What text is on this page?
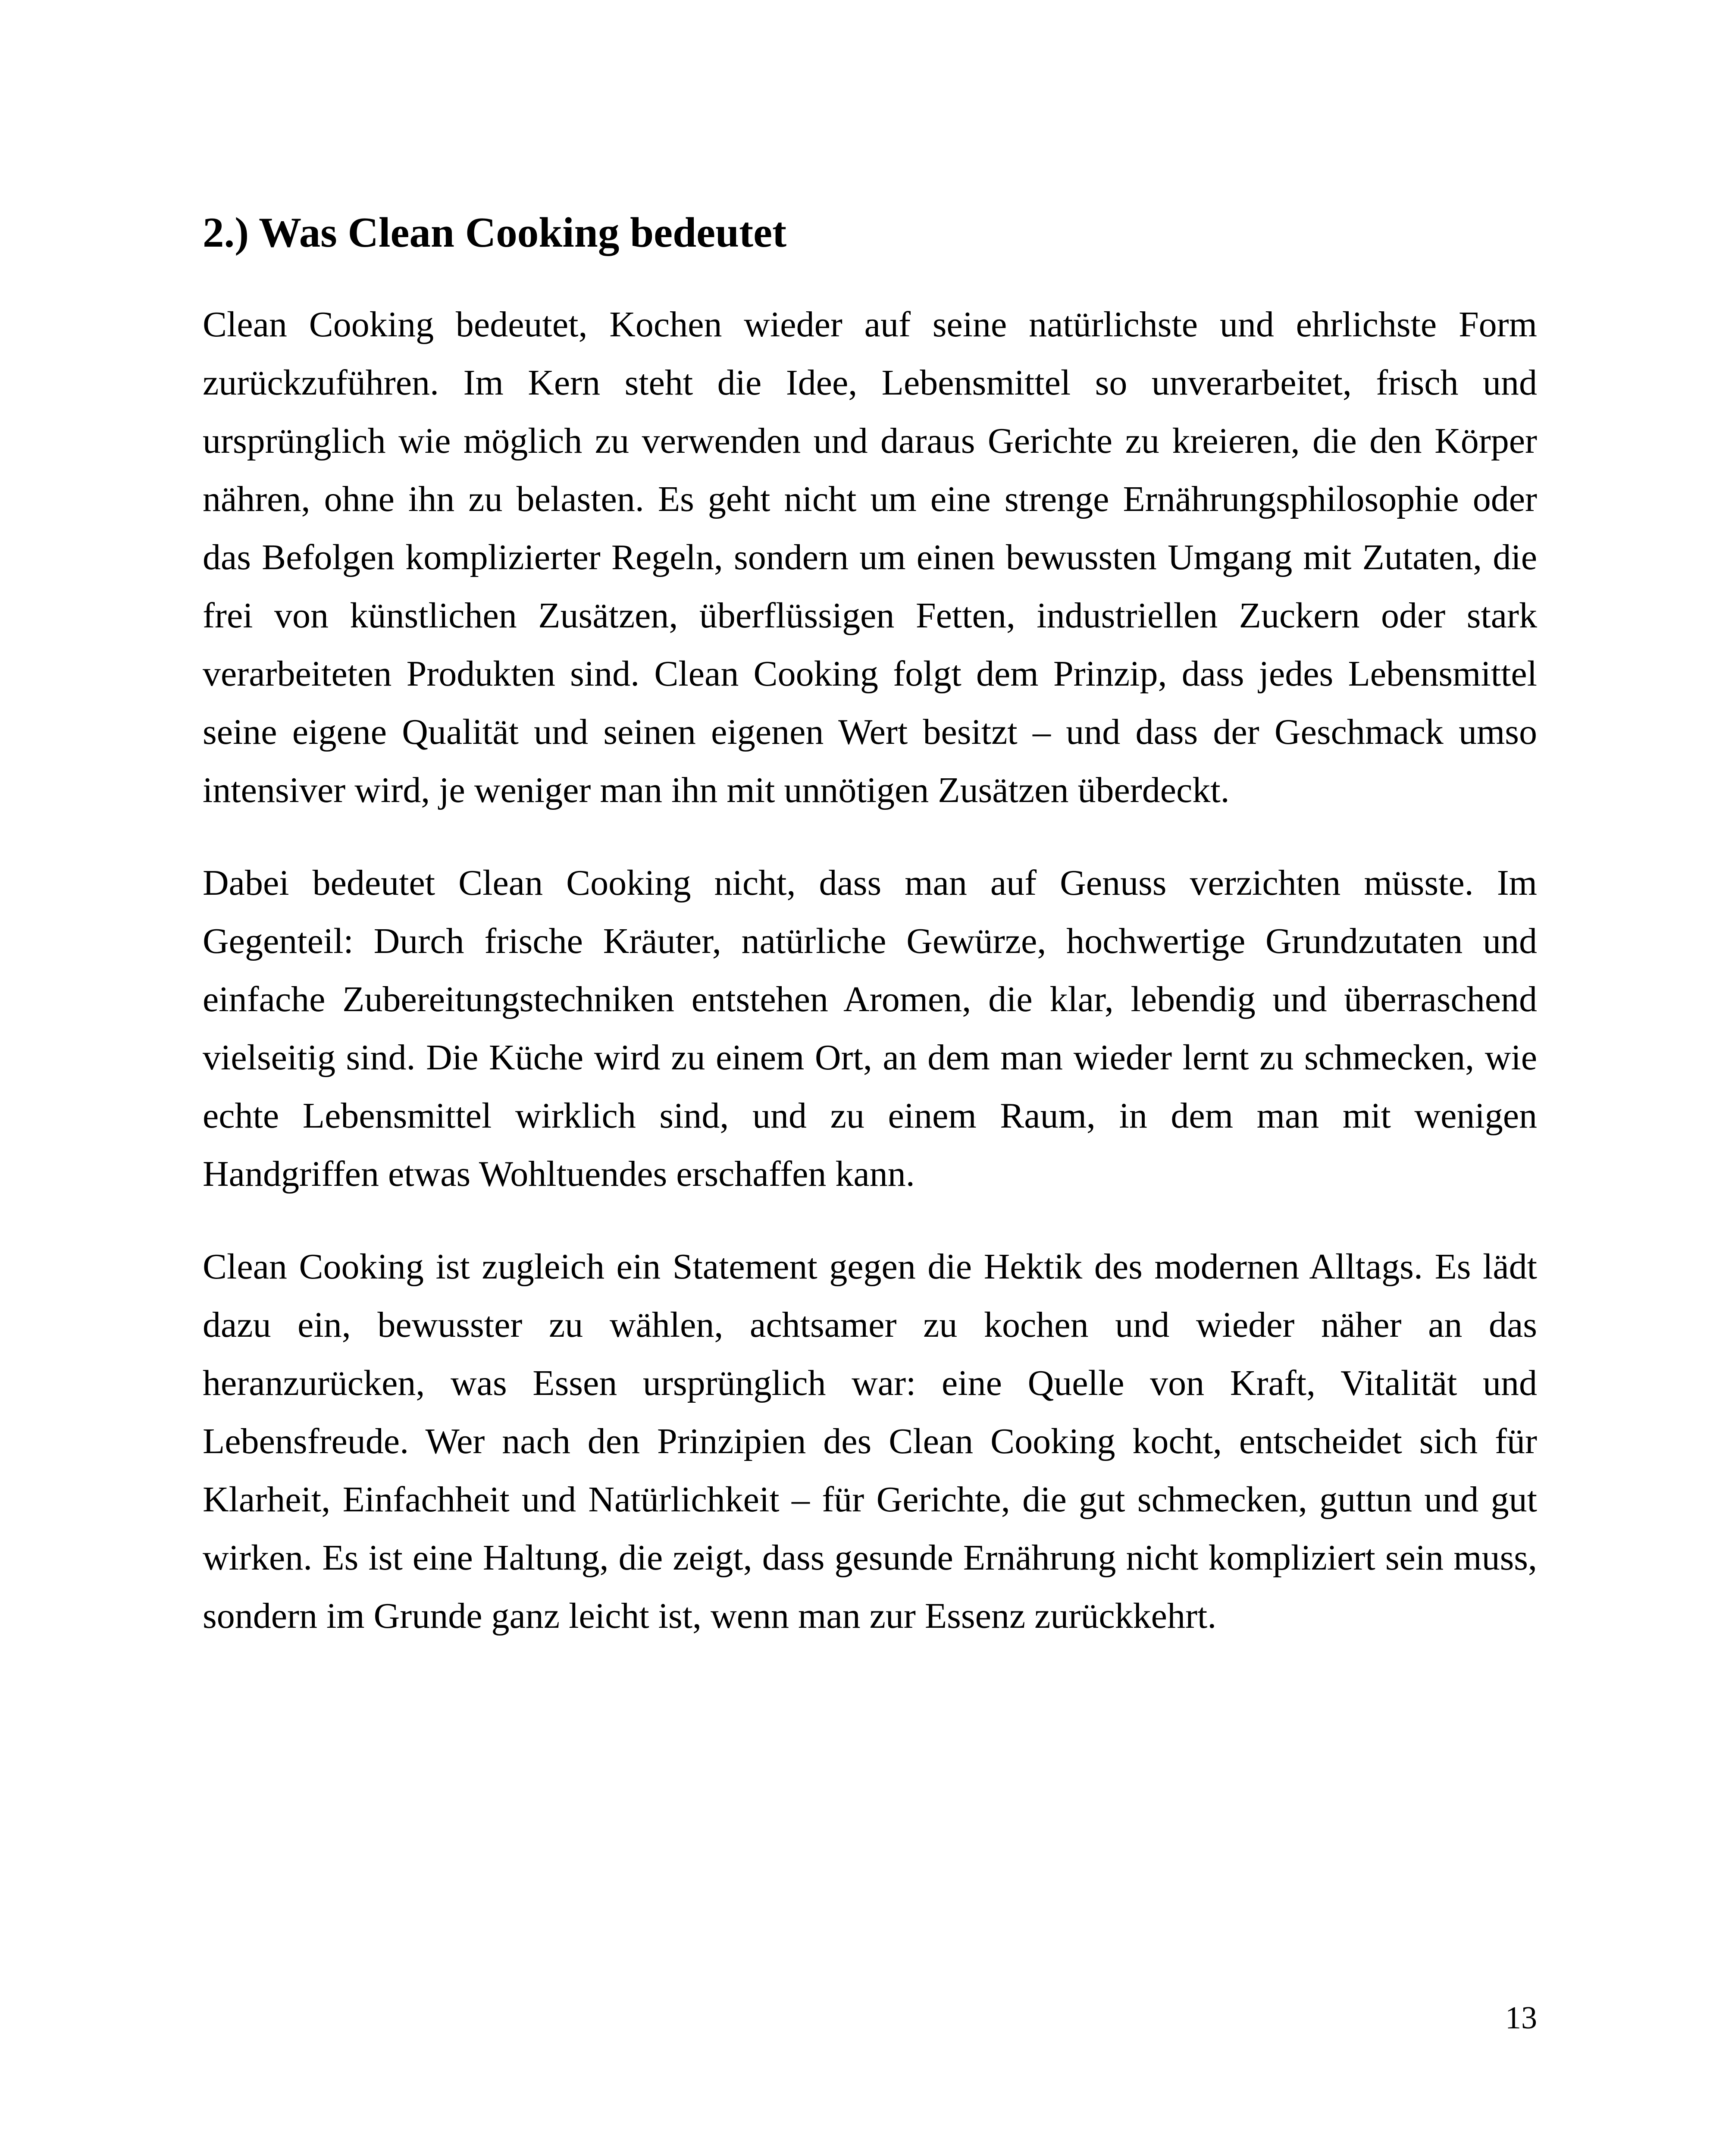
2.) Was Clean Cooking bedeutet

Clean Cooking bedeutet, Kochen wieder auf seine natürlichste und ehrlichste Form zurückzuführen. Im Kern steht die Idee, Lebensmittel so unverarbeitet, frisch und ursprünglich wie möglich zu verwenden und daraus Gerichte zu kreieren, die den Körper nähren, ohne ihn zu belasten. Es geht nicht um eine strenge Ernährungsphilosophie oder das Befolgen komplizierter Regeln, sondern um einen bewussten Umgang mit Zutaten, die frei von künstlichen Zusätzen, überflüssigen Fetten, industriellen Zuckern oder stark verarbeiteten Produkten sind. Clean Cooking folgt dem Prinzip, dass jedes Lebensmittel seine eigene Qualität und seinen eigenen Wert besitzt – und dass der Geschmack umso intensiver wird, je weniger man ihn mit unnötigen Zusätzen überdeckt.

Dabei bedeutet Clean Cooking nicht, dass man auf Genuss verzichten müsste. Im Gegenteil: Durch frische Kräuter, natürliche Gewürze, hochwertige Grundzutaten und einfache Zubereitungstechniken entstehen Aromen, die klar, lebendig und überraschend vielseitig sind. Die Küche wird zu einem Ort, an dem man wieder lernt zu schmecken, wie echte Lebensmittel wirklich sind, und zu einem Raum, in dem man mit wenigen Handgriffen etwas Wohltuendes erschaffen kann.

Clean Cooking ist zugleich ein Statement gegen die Hektik des modernen Alltags. Es lädt dazu ein, bewusster zu wählen, achtsamer zu kochen und wieder näher an das heranzurücken, was Essen ursprünglich war: eine Quelle von Kraft, Vitalität und Lebensfreude. Wer nach den Prinzipien des Clean Cooking kocht, entscheidet sich für Klarheit, Einfachheit und Natürlichkeit – für Gerichte, die gut schmecken, guttun und gut wirken. Es ist eine Haltung, die zeigt, dass gesunde Ernährung nicht kompliziert sein muss, sondern im Grunde ganz leicht ist, wenn man zur Essenz zurückkehrt.

13
